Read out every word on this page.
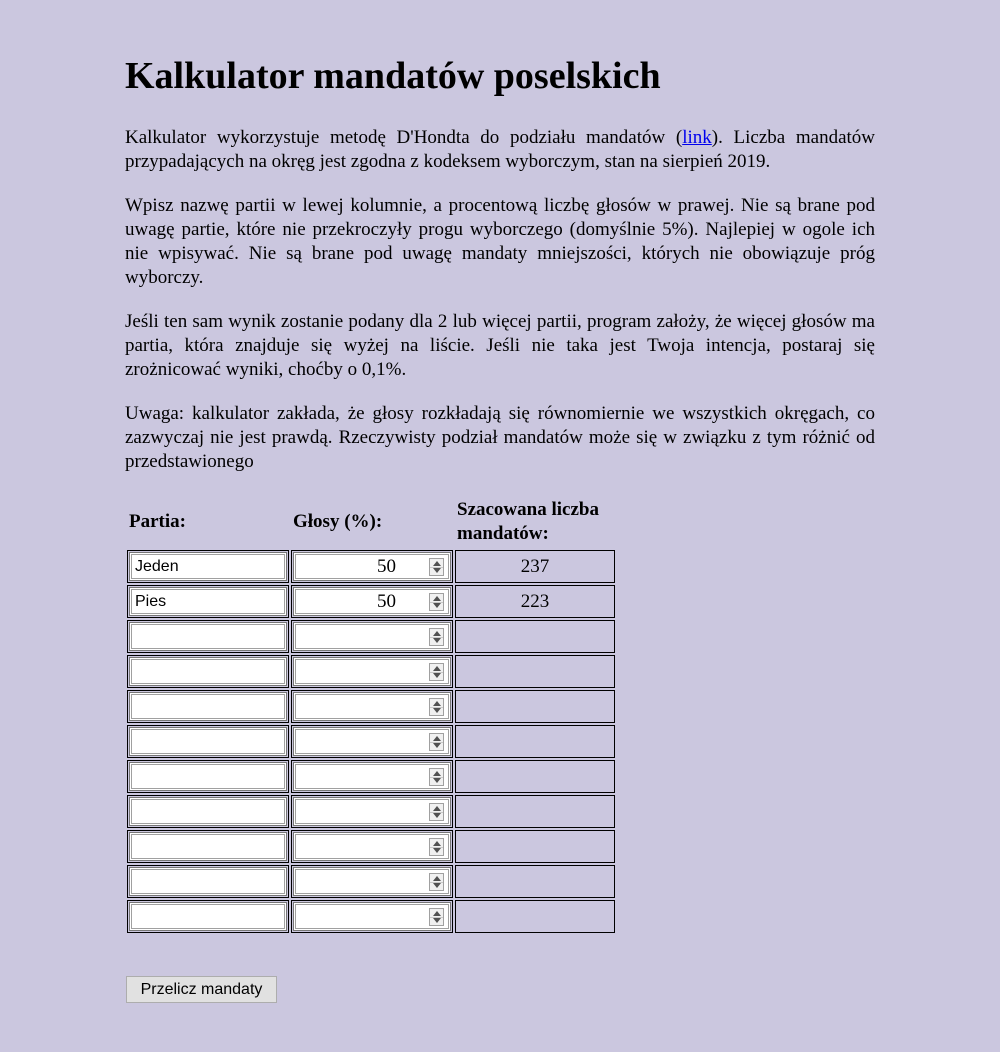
Kalkulator mandatów poselskich

Kalkulator wykorzystuje metodę D'Hondta do podziału mandatów (link). Liczba mandatów przypadających na okręg jest zgodna z kodeksem wyborczym, stan na sierpień 2019.

Wpisz nazwę partii w lewej kolumnie, a procentową liczbę głosów w prawej. Nie są brane pod uwagę partie, które nie przekroczyły progu wyborczego (domyślnie 5%). Najlepiej w ogole ich nie wpisywać. Nie są brane pod uwagę mandaty mniejszości, których nie obowiązuje próg wyborczy.

Jeśli ten sam wynik zostanie podany dla 2 lub więcej partii, program założy, że więcej głosów ma partia, która znajduje się wyżej na liście. Jeśli nie taka jest Twoja intencja, postaraj się zrożnicować wyniki, choćby o 0,1%.

Uwaga: kalkulator zakłada, że głosy rozkładają się równomiernie we wszystkich okręgach, co zazwyczaj nie jest prawdą. Rzeczywisty podział mandatów może się w związku z tym różnić od przedstawionego

Partia:	Głosy (%):	Szacowana liczba mandatów:

Jeden	50	237

Pies	50	223

Przelicz mandaty
